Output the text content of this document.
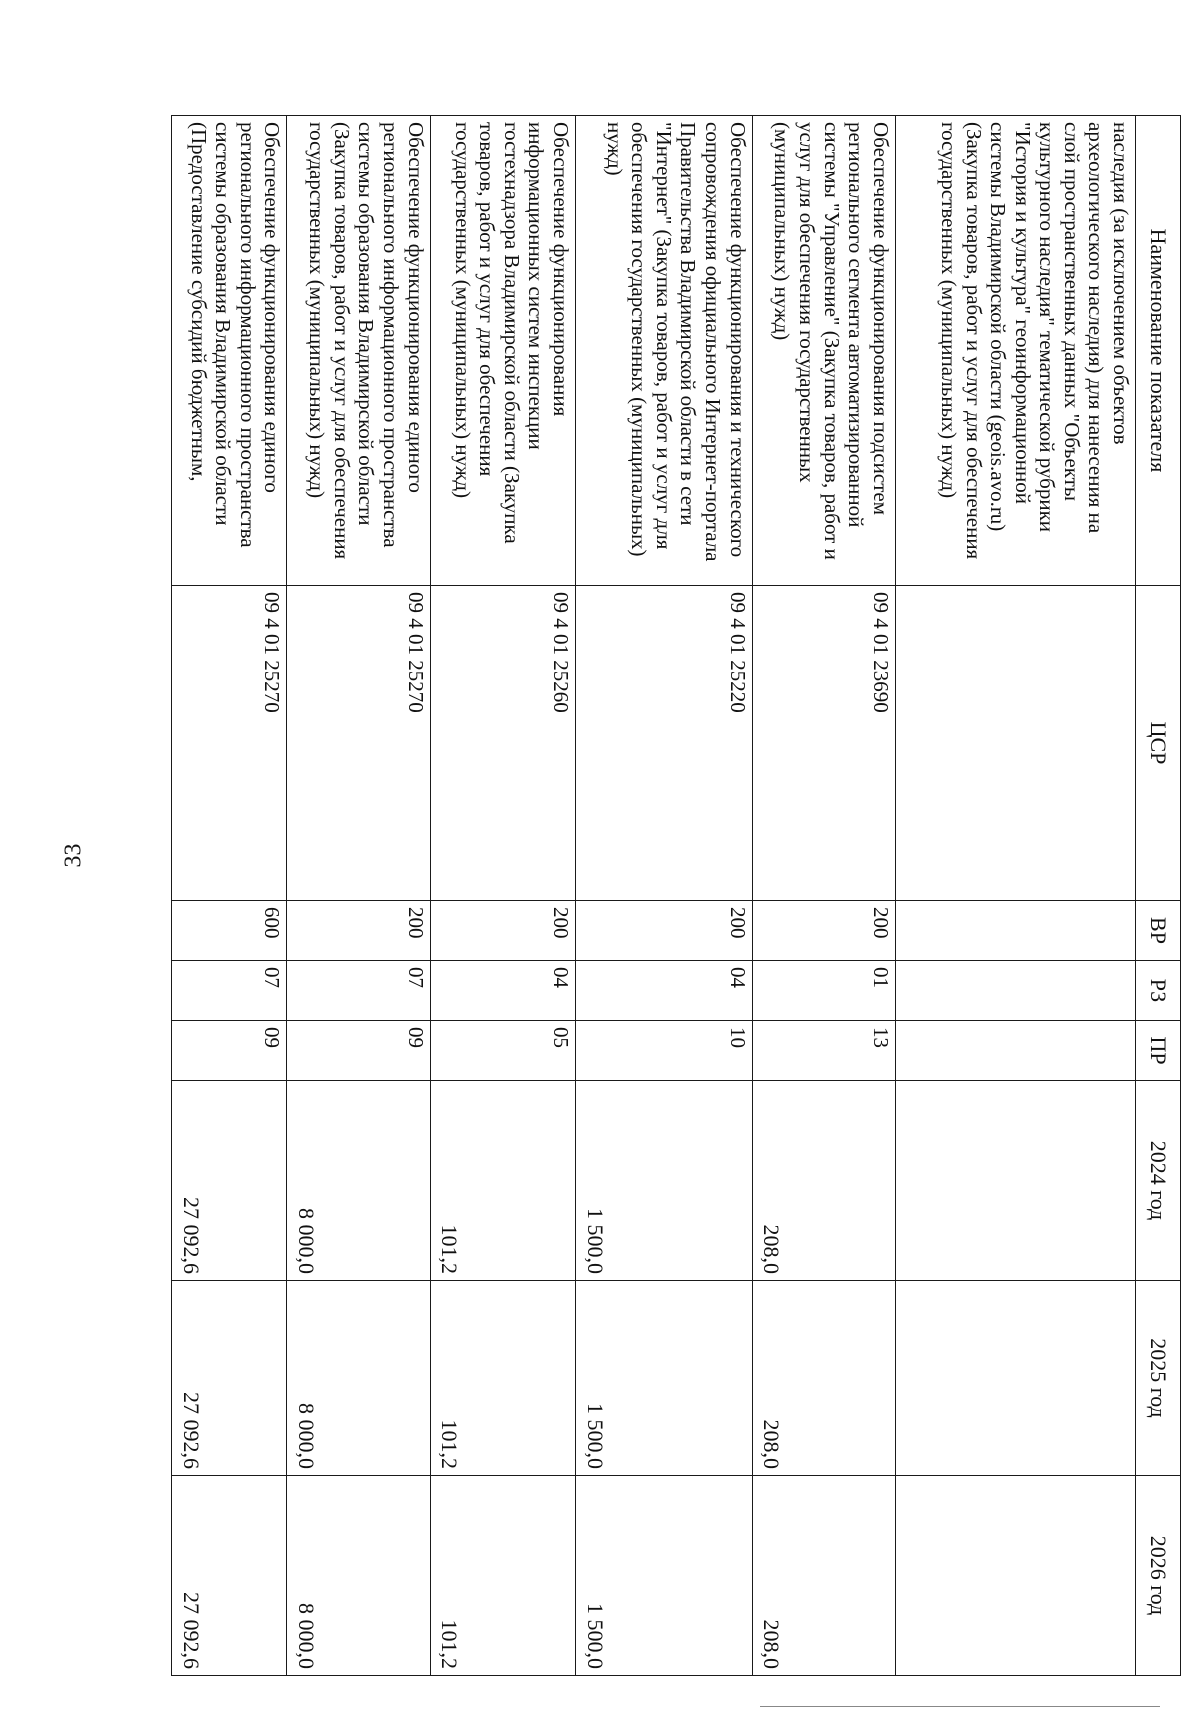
33
Наименование показателя	ЦСР	ВР	РЗ	ПР	2024 год	2025 год	2026 год
наследия (за исключением объектов археологического наследия) для нанесения на слой пространственных данных "Объекты культурного наследия" тематической рубрики "История и культура" геоинформационной системы Владимирской области (geois.avo.ru) (Закупка товаров, работ и услуг для обеспечения государственных (муниципальных) нужд)							
Обеспечение функционирования подсистем регионального сегмента автоматизированной системы "Управление" (Закупка товаров, работ и услуг для обеспечения государственных (муниципальных) нужд)	09 4 01 23690	200	01	13	208,0	208,0	208,0
Обеспечение функционирования и технического сопровождения официального Интернет-портала Правительства Владимирской области в сети "Интернет" (Закупка товаров, работ и услуг для обеспечения государственных (муниципальных) нужд)	09 4 01 25220	200	04	10	1 500,0	1 500,0	1 500,0
Обеспечение функционирования информационных систем инспекции гостехнадзора Владимирской области (Закупка товаров, работ и услуг для обеспечения государственных (муниципальных) нужд)	09 4 01 25260	200	04	05	101,2	101,2	101,2
Обеспечение функционирования единого регионального информационного пространства системы образования Владимирской области (Закупка товаров, работ и услуг для обеспечения государственных (муниципальных) нужд)	09 4 01 25270	200	07	09	8 000,0	8 000,0	8 000,0
Обеспечение функционирования единого регионального информационного пространства системы образования Владимирской области (Предоставление субсидий бюджетным,	09 4 01 25270	600	07	09	27 092,6	27 092,6	27 092,6
